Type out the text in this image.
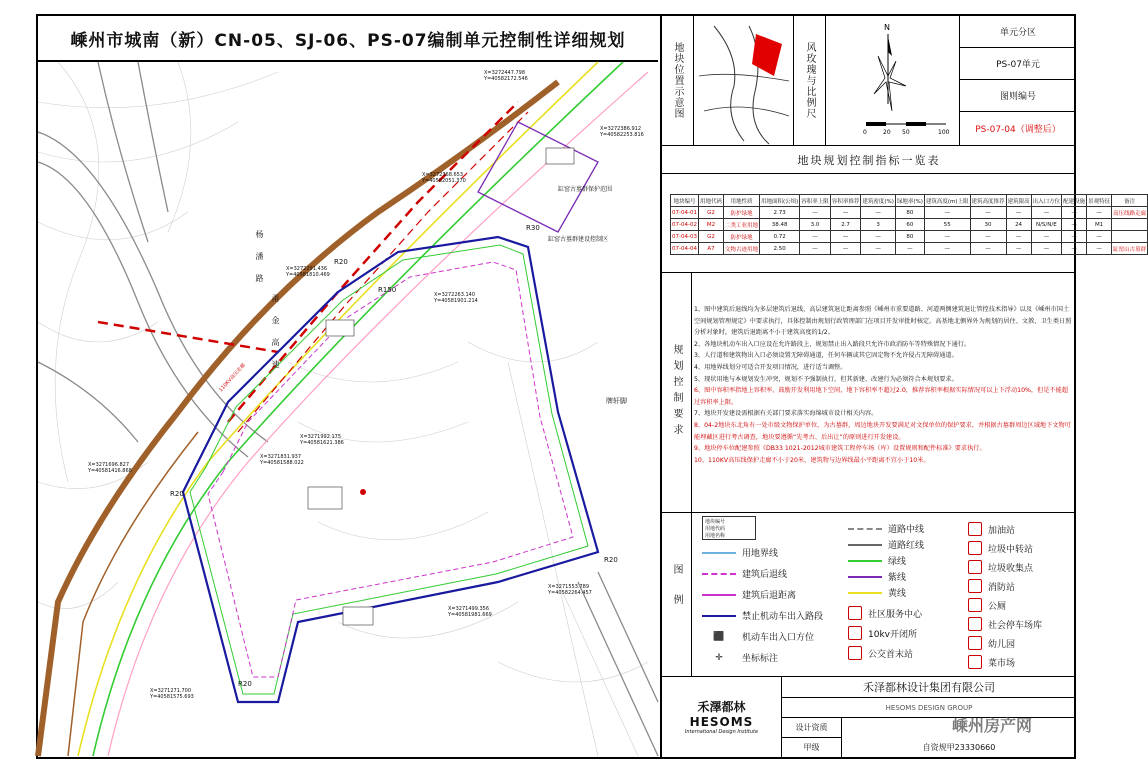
嵊州市城南（新）CN-05、SJ-06、PS-07编制单元控制性详细规划
X=3272447.798 Y=40582172.546
X=3272386.912 Y=40582253.816
X=3272368.653 Y=40582051.370
X=3272291.436 Y=40581810.469
X=3272263.140 Y=40581901.214
X=3271992.175 Y=40581621.386
X=3271831.937 Y=40581588.022
X=3271696.827 Y=40581416.868
X=3271553.789 Y=40582264.457
X=3271499.356 Y=40581981.669
X=3271271.700 Y=40581575.693
牌轩脚
缸窑古墓群保护范围
缸窑古墓群建设控制区
110KV高压走廊
杨潘路
甬金高速
R20
R20
R20
R20
R30
R150
地块位置示意图	风玫瑰与比例尺
N
0	20 50	100
单元分区
PS-07单元
图则编号
PS-07-04（调整后）
地块规划控制指标一览表
地块编号	用地代码	用地性质	用地面积(公顷)	容积率上限	容积率推荐	建筑密度(%)	绿地率(%)	建筑高度(m)上限	建筑高度推荐	建筑限高	出入口方位	配建设施	景观特征	备注
07-04-01	G2	防护绿地	2.73	—	—	—	80	—	—	—	—	—	—	高压线路走廊
07-04-02	M2	二类工业用地	38.48	3.0	2.7	3	60	55	30	24	N/S/N/E	—	M1	
07-04-03	G2	防护绿地	0.72	—	—	—	80	—	—	—	—	—	—	
07-04-04	A7	文物古迹用地	2.50	—	—	—	—	—	—	—	—	—	—	缸窑山古墓群
规划控制要求

1、图中建筑后退线均为多层建筑后退线，高层建筑退让距离参照《嵊州市重要道路、河道两侧建筑退让管控技术指导》以及《嵊州市国土空间规划管理规定》中要求执行，具体控制由规划行政管理部门在项目开发审批时核定。高基地北侧界外为规划的居住、文教、卫生类日照分析对象时，建筑后退距离不小于建筑高度的1/2。

2、各地块机动车出入口应设在允许路段上，规划禁止出入路段只允许市政消防车等特殊情况下通行。

3、人行道和建筑物出入口必须设置无障碍通道，任何车辆或其它固定物不允许侵占无障碍通道。

4、用地界线划分可适合开发项目情况，进行适当调整。

5、现状用地与本规划发生冲突，规划不予强制执行，但其新建、改建行为必须符合本规划要求。

6、图中容积率指地上容积率，鼓励开发利用地下空间，地下容积率不超过2.0，推荐容积率根据实际情况可以上下浮动10%，但是不能超过容积率上限。

7、地块开发建设需根据有关部门要求落实海绵城市设计相关内容。

8、04-2地块东北角有一处市级文物保护单位，为古墓群，周边地块开发要满足对文保单位的保护要求，并根据古墓群周边区域地下文物可能埋藏区进行考古调查，地块要遵循“先考古、后出让”的原则进行开发建设。

9、地块停车位配建参照《DB33 1021-2012城市建筑工程停车场（库）设置规则和配件标准》要求执行。

10、110KV高压线保护走廊不小于20米，建筑物与边界线最小平距离不宜小于10米。

图例
地块编号
用地代码
用地名称
用地界线
建筑后退线
建筑后退距离
禁止机动车出入路段
⬛	机动车出入口方位
✛	坐标标注
道路中线
道路红线
绿线
紫线
黄线
社区服务中心
10kv开闭所
公交首末站
加油站
垃圾中转站
垃圾收集点
消防站
公厕
社会停车场库
幼儿园
菜市场
禾澤都林
HESOMS
International Design Institute
禾泽都林设计集团有限公司
HESOMS DESIGN GROUP
设计资质
甲级	自资规甲23330660
嵊州房产网
